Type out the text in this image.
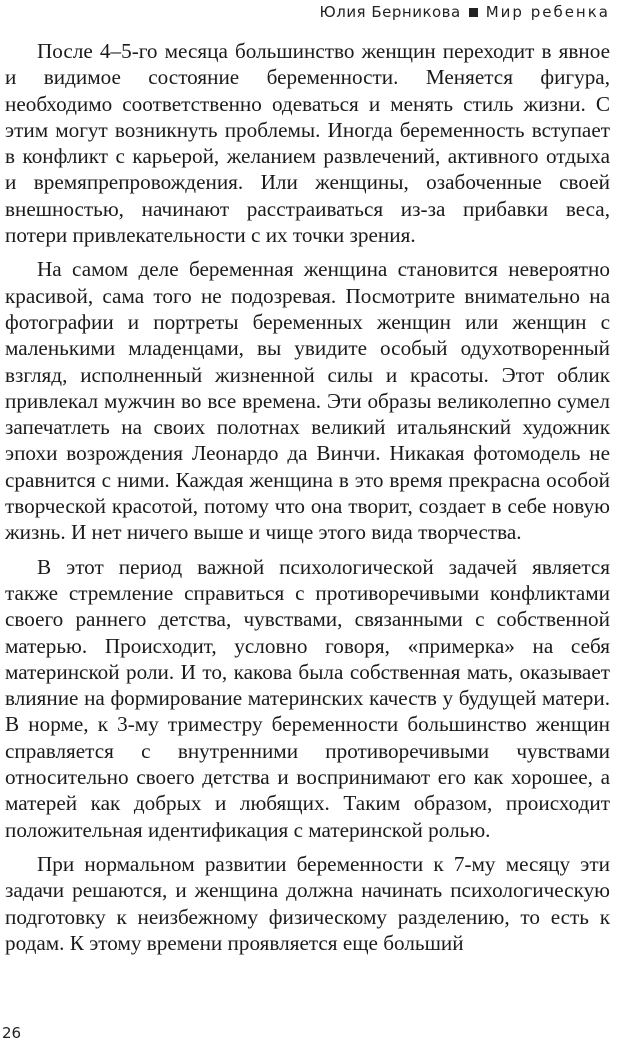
Юлия Берникова Мир ребенка

После 4–5-го месяца большинство женщин переходит в явное и видимое состояние беременности. Меняется фигура, необходимо соответственно одеваться и менять стиль жизни. С этим могут возникнуть проблемы. Иногда беременность вступает в конфликт с карьерой, желанием развлечений, активного отдыха и времяпрепровождения. Или женщины, озабоченные своей внешностью, начинают расстраиваться из-за прибавки веса, потери привлекательности с их точки зрения.

На самом деле беременная женщина становится невероятно красивой, сама того не подозревая. Посмотрите внимательно на фотографии и портреты беременных женщин или женщин с маленькими младенцами, вы увидите особый одухотворенный взгляд, исполненный жизненной силы и красоты. Этот облик привлекал мужчин во все времена. Эти образы великолепно сумел запечатлеть на своих полотнах великий итальянский художник эпохи возрождения Леонардо да Винчи. Никакая фотомодель не сравнится с ними. Каждая женщина в это время прекрасна особой творческой красотой, потому что она творит, создает в себе новую жизнь. И нет ничего выше и чище этого вида творчества.

В этот период важной психологической задачей является также стремление справиться с противоречивыми конфликтами своего раннего детства, чувствами, связанными с собственной матерью. Происходит, условно говоря, «примерка» на себя материнской роли. И то, какова была собственная мать, оказывает влияние на формирование материнских качеств у будущей матери. В норме, к 3-му триместру беременности большинство женщин справляется с внутренними противоречивыми чувствами относительно своего детства и воспринимают его как хорошее, а матерей как добрых и любящих. Таким образом, происходит положительная идентификация с материнской ролью.

При нормальном развитии беременности к 7-му месяцу эти задачи решаются, и женщина должна начинать психологическую подготовку к неизбежному физическому разделению, то есть к родам. К этому времени проявляется еще больший

26
